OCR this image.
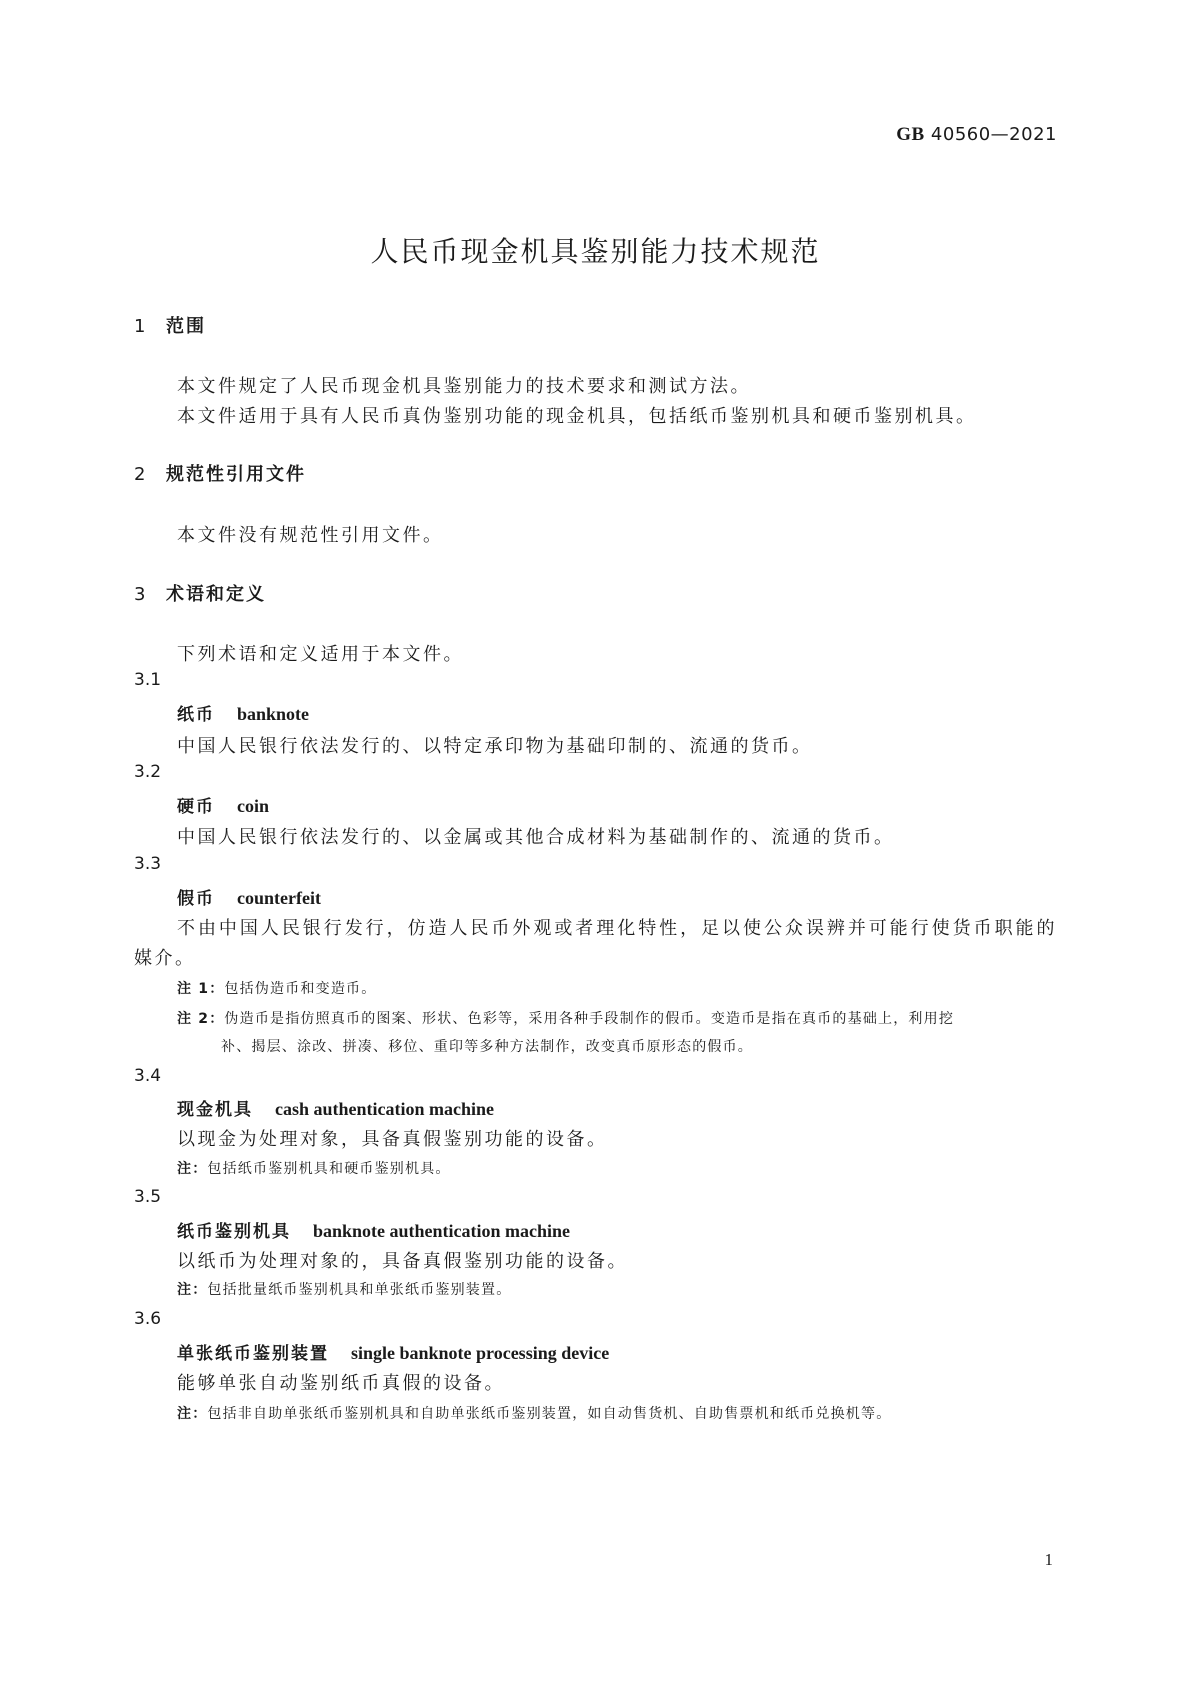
GB 40560—2021
人民币现金机具鉴别能力技术规范
1 范围
本文件规定了人民币现金机具鉴别能力的技术要求和测试方法。
本文件适用于具有人民币真伪鉴别功能的现金机具，包括纸币鉴别机具和硬币鉴别机具。
2 规范性引用文件
本文件没有规范性引用文件。
3 术语和定义
下列术语和定义适用于本文件。
3.1
纸币 banknote
中国人民银行依法发行的、以特定承印物为基础印制的、流通的货币。
3.2
硬币 coin
中国人民银行依法发行的、以金属或其他合成材料为基础制作的、流通的货币。
3.3
假币 counterfeit
不由中国人民银行发行，仿造人民币外观或者理化特性，足以使公众误辨并可能行使货币职能的
媒介。
注 1：包括伪造币和变造币。
注 2：伪造币是指仿照真币的图案、形状、色彩等，采用各种手段制作的假币。变造币是指在真币的基础上，利用挖
补、揭层、涂改、拼凑、移位、重印等多种方法制作，改变真币原形态的假币。
3.4
现金机具 cash authentication machine
以现金为处理对象，具备真假鉴别功能的设备。
注：包括纸币鉴别机具和硬币鉴别机具。
3.5
纸币鉴别机具 banknote authentication machine
以纸币为处理对象的，具备真假鉴别功能的设备。
注：包括批量纸币鉴别机具和单张纸币鉴别装置。
3.6
单张纸币鉴别装置 single banknote processing device
能够单张自动鉴别纸币真假的设备。
注：包括非自助单张纸币鉴别机具和自助单张纸币鉴别装置，如自动售货机、自助售票机和纸币兑换机等。
1
